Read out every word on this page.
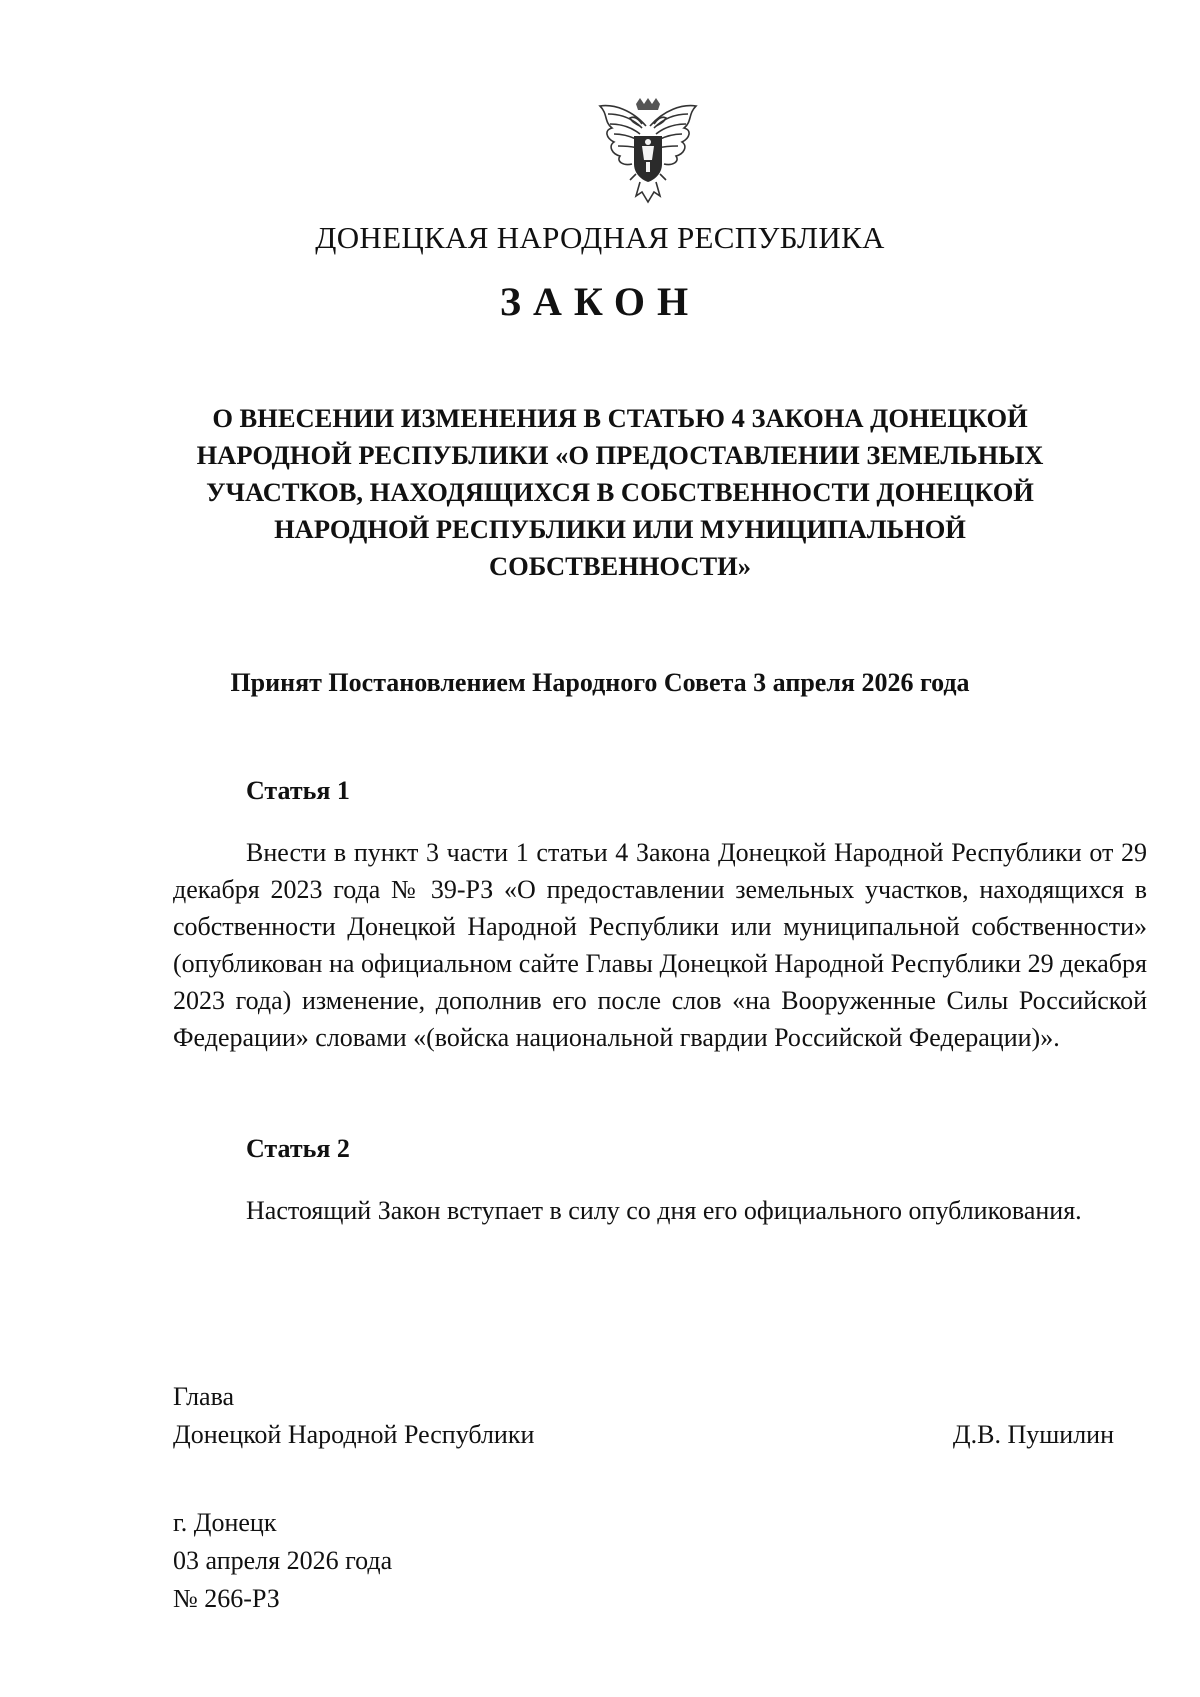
ДОНЕЦКАЯ НАРОДНАЯ РЕСПУБЛИКА
ЗАКОН
О ВНЕСЕНИИ ИЗМЕНЕНИЯ В СТАТЬЮ 4 ЗАКОНА ДОНЕЦКОЙ
НАРОДНОЙ РЕСПУБЛИКИ «О ПРЕДОСТАВЛЕНИИ ЗЕМЕЛЬНЫХ
УЧАСТКОВ, НАХОДЯЩИХСЯ В СОБСТВЕННОСТИ ДОНЕЦКОЙ
НАРОДНОЙ РЕСПУБЛИКИ ИЛИ МУНИЦИПАЛЬНОЙ
СОБСТВЕННОСТИ»
Принят Постановлением Народного Совета 3 апреля 2026 года
Статья 1
Внести в пункт 3 части 1 статьи 4 Закона Донецкой Народной Республики от 29 декабря 2023 года № 39-РЗ «О предоставлении земельных участков, находящихся в собственности Донецкой Народной Республики или муниципальной собственности» (опубликован на официальном сайте Главы Донецкой Народной Республики 29 декабря 2023 года) изменение, дополнив его после слов «на Вооруженные Силы Российской Федерации» словами «(войска национальной гвардии Российской Федерации)».
Статья 2
Настоящий Закон вступает в силу со дня его официального опубликования.
Глава
Донецкой Народной Республики	Д.В. Пушилин
г. Донецк
03 апреля 2026 года
№ 266-РЗ
